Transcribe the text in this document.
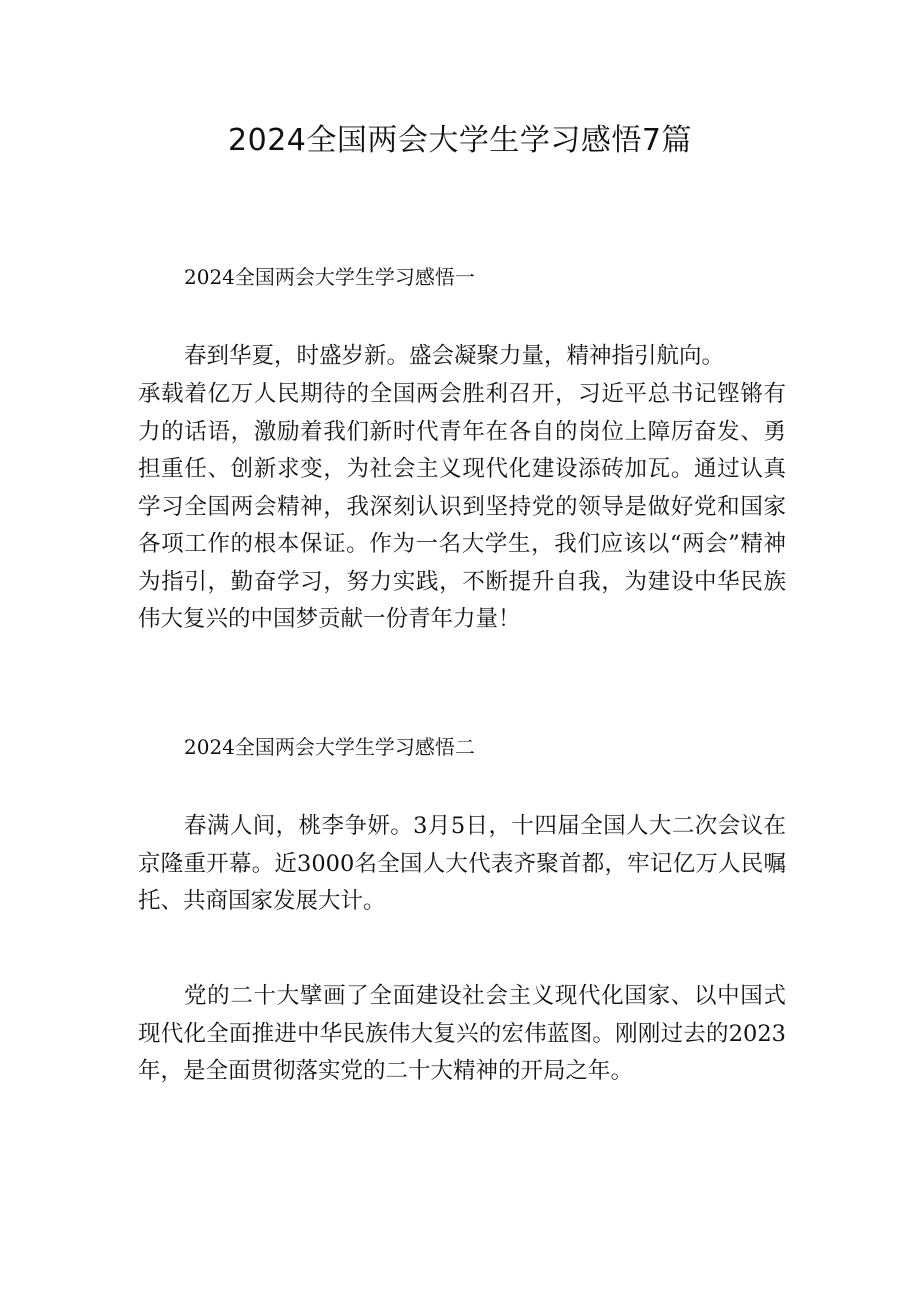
2024全国两会大学生学习感悟7篇

2024全国两会大学生学习感悟一

春到华夏，时盛岁新。盛会凝聚力量，精神指引航向。

承载着亿万人民期待的全国两会胜利召开，习近平总书记铿锵有力的话语，激励着我们新时代青年在各自的岗位上障厉奋发、勇担重任、创新求变，为社会主义现代化建设添砖加瓦。通过认真学习全国两会精神，我深刻认识到坚持党的领导是做好党和国家各项工作的根本保证。作为一名大学生，我们应该以“两会”精神为指引，勤奋学习，努力实践，不断提升自我，为建设中华民族伟大复兴的中国梦贡献一份青年力量！

2024全国两会大学生学习感悟二

春满人间，桃李争妍。3月5日，十四届全国人大二次会议在京隆重开幕。近3000名全国人大代表齐聚首都，牢记亿万人民嘱托、共商国家发展大计。

党的二十大擘画了全面建设社会主义现代化国家、以中国式现代化全面推进中华民族伟大复兴的宏伟蓝图。刚刚过去的2023年，是全面贯彻落实党的二十大精神的开局之年。
